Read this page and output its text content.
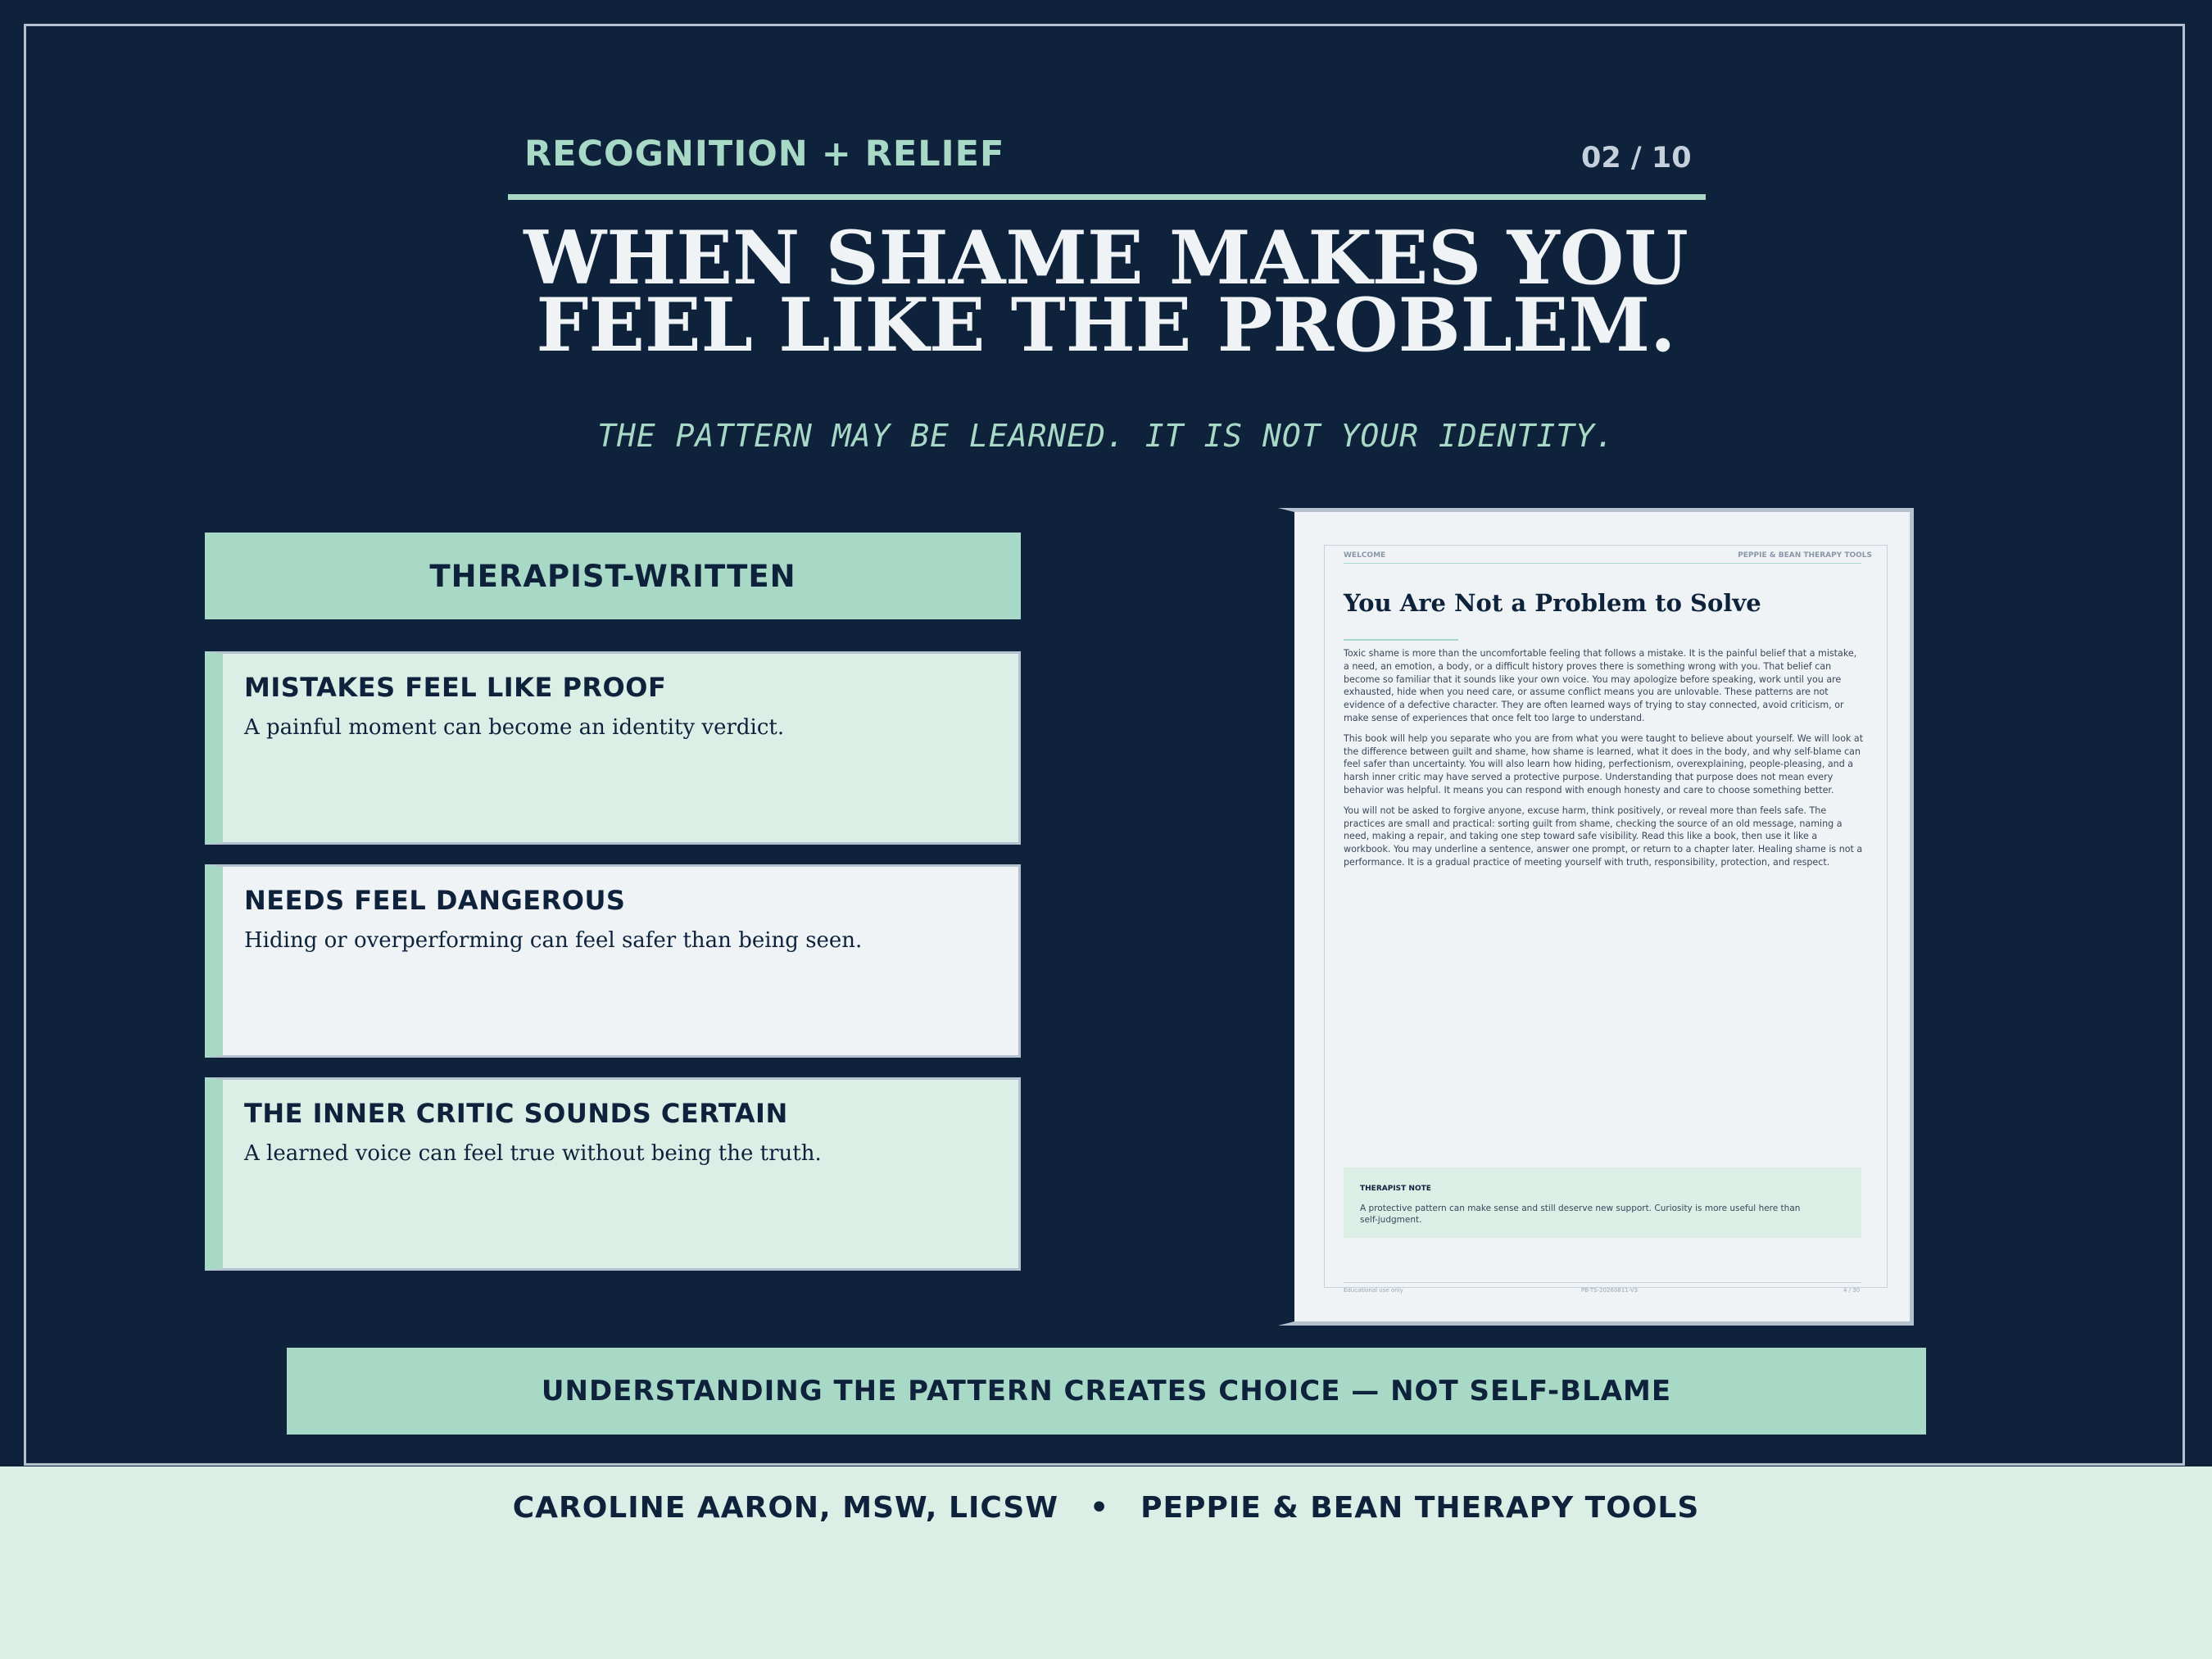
RECOGNITION + RELIEF	02 / 10
WHEN SHAME MAKES YOU
FEEL LIKE THE PROBLEM.
THE PATTERN MAY BE LEARNED. IT IS NOT YOUR IDENTITY.
THERAPIST-WRITTEN
MISTAKES FEEL LIKE PROOF
A painful moment can become an identity verdict.
NEEDS FEEL DANGEROUS
Hiding or overperforming can feel safer than being seen.
THE INNER CRITIC SOUNDS CERTAIN
A learned voice can feel true without being the truth.
WELCOME	PEPPIE & BEAN THERAPY TOOLS
You Are Not a Problem to Solve

Toxic shame is more than the uncomfortable feeling that follows a mistake. It is the painful belief that a mistake, a need, an emotion, a body, or a difficult history proves there is something wrong with you. That belief can become so familiar that it sounds like your own voice. You may apologize before speaking, work until you are exhausted, hide when you need care, or assume conflict means you are unlovable. These patterns are not evidence of a defective character. They are often learned ways of trying to stay connected, avoid criticism, or make sense of experiences that once felt too large to understand.

This book will help you separate who you are from what you were taught to believe about yourself. We will look at the difference between guilt and shame, how shame is learned, what it does in the body, and why self-blame can feel safer than uncertainty. You will also learn how hiding, perfectionism, overexplaining, people-pleasing, and a harsh inner critic may have served a protective purpose. Understanding that purpose does not mean every behavior was helpful. It means you can respond with enough honesty and care to choose something better.

You will not be asked to forgive anyone, excuse harm, think positively, or reveal more than feels safe. The practices are small and practical: sorting guilt from shame, checking the source of an old message, naming a need, making a repair, and taking one step toward safe visibility. Read this like a book, then use it like a workbook. You may underline a sentence, answer one prompt, or return to a chapter later. Healing shame is not a performance. It is a gradual practice of meeting yourself with truth, responsibility, protection, and respect.

THERAPIST NOTE
A protective pattern can make sense and still deserve new support. Curiosity is more useful here than self-judgment.
Educational use only	PB-TS-20260811-V3	4 / 30
UNDERSTANDING THE PATTERN CREATES CHOICE — NOT SELF-BLAME
CAROLINE AARON, MSW, LICSW • PEPPIE & BEAN THERAPY TOOLS
